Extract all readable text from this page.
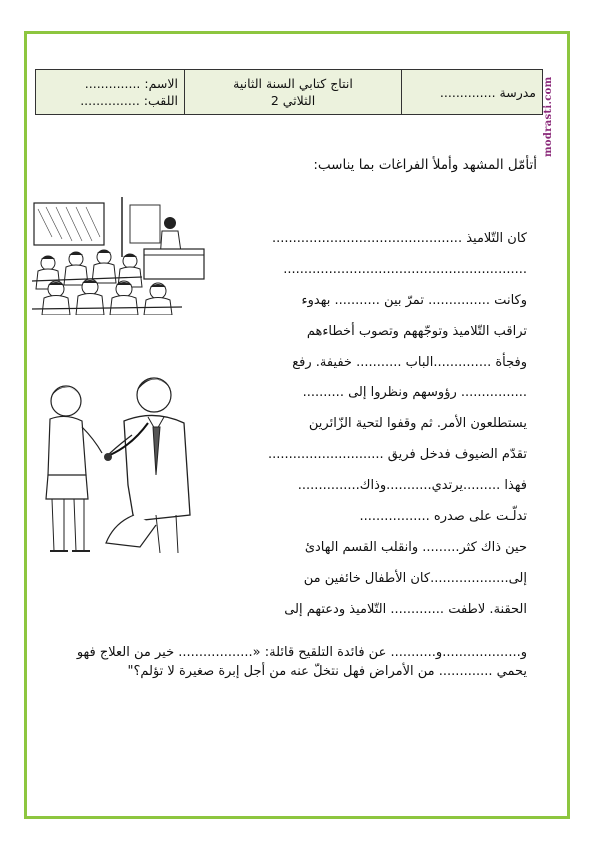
modrasti.com
مدرسة ..............	
انتاج كتابي السنة الثانية
الثلاثي 2

الاسم: ..............
اللقب: ...............
أتأمّل المشهد وأملأ الفراغات بما يناسب:
كان التّلاميذ ..............................................
...........................................................
وكانت ............... تمرّ بين ........... بهدوء
تراقب التّلاميذ وتوجّههم وتصوب أخطاءهم
وفجأة ..............الباب ........... خفيفة. رفع
................ رؤوسهم ونظروا إلى ..........
يستطلعون الأمر. ثم وقفوا لتحية الزّائرين
تقدّم الضيوف فدخل فريق ............................
فهذا .........يرتدي...........وذاك...............
تدلّـت على صدره .................
حين ذاك كثر......... وانقلب القسم الهادئ
إلى...................كان الأطفال خائفين من
الحقنة. لاطفت ............. التّلاميذ ودعتهم إلى
و...................و........... عن فائدة التلقيح قائلة: «.................. خير من العلاج فهو يحمي ............. من الأمراض فهل نتخلّ عنه من أجل إبرة صغيرة لا تؤلم؟"
